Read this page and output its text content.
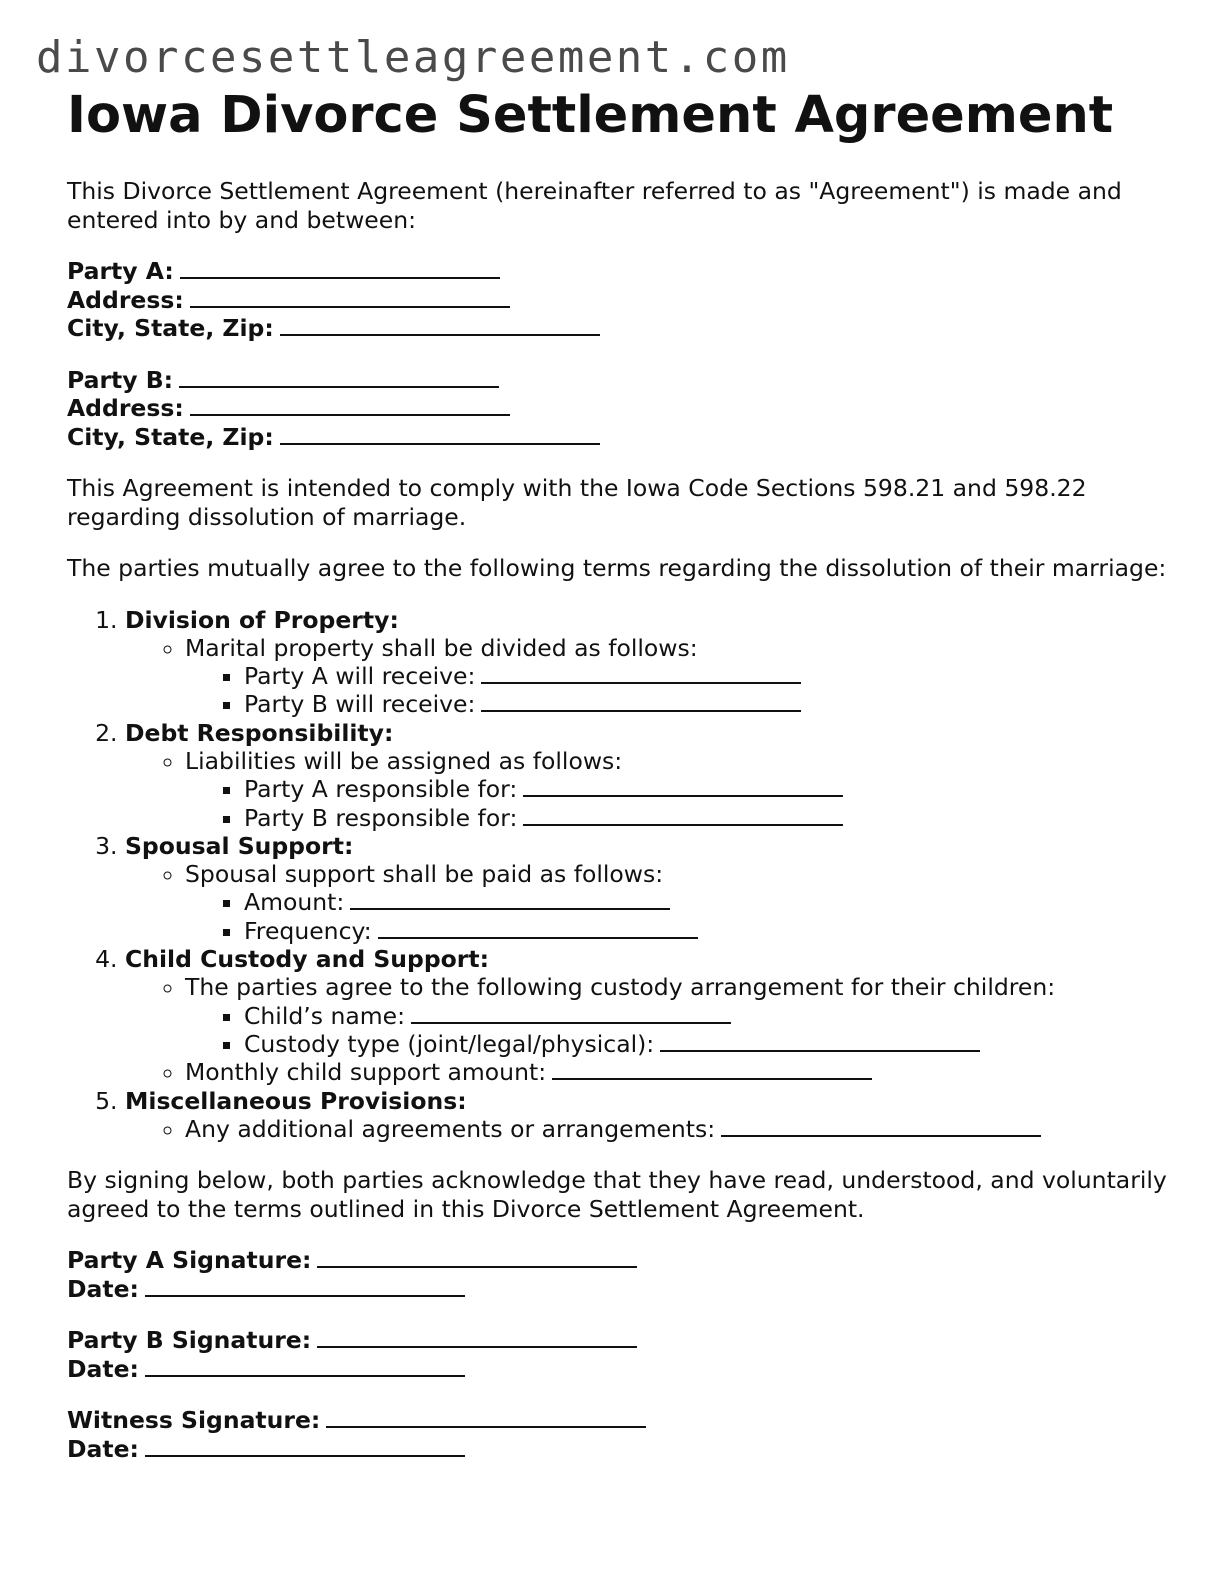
divorcesettleagreement.com
Iowa Divorce Settlement Agreement

This Divorce Settlement Agreement (hereinafter referred to as "Agreement") is made and entered into by and between:

Party A:
Address:
City, State, Zip:
Party B:
Address:
City, State, Zip:

This Agreement is intended to comply with the Iowa Code Sections 598.21 and 598.22 regarding dissolution of marriage.

The parties mutually agree to the following terms regarding the dissolution of their marriage:

1. Division of Property:
◦ Marital property shall be divided as follows:
▪ Party A will receive:
▪ Party B will receive:
2. Debt Responsibility:
◦ Liabilities will be assigned as follows:
▪ Party A responsible for:
▪ Party B responsible for:
3. Spousal Support:
◦ Spousal support shall be paid as follows:
▪ Amount:
▪ Frequency:
4. Child Custody and Support:
◦ The parties agree to the following custody arrangement for their children:
▪ Child’s name:
▪ Custody type (joint/legal/physical):
◦ Monthly child support amount:
5. Miscellaneous Provisions:
◦ Any additional agreements or arrangements:

By signing below, both parties acknowledge that they have read, understood, and voluntarily agreed to the terms outlined in this Divorce Settlement Agreement.

Party A Signature:
Date:
Party B Signature:
Date:
Witness Signature:
Date:
